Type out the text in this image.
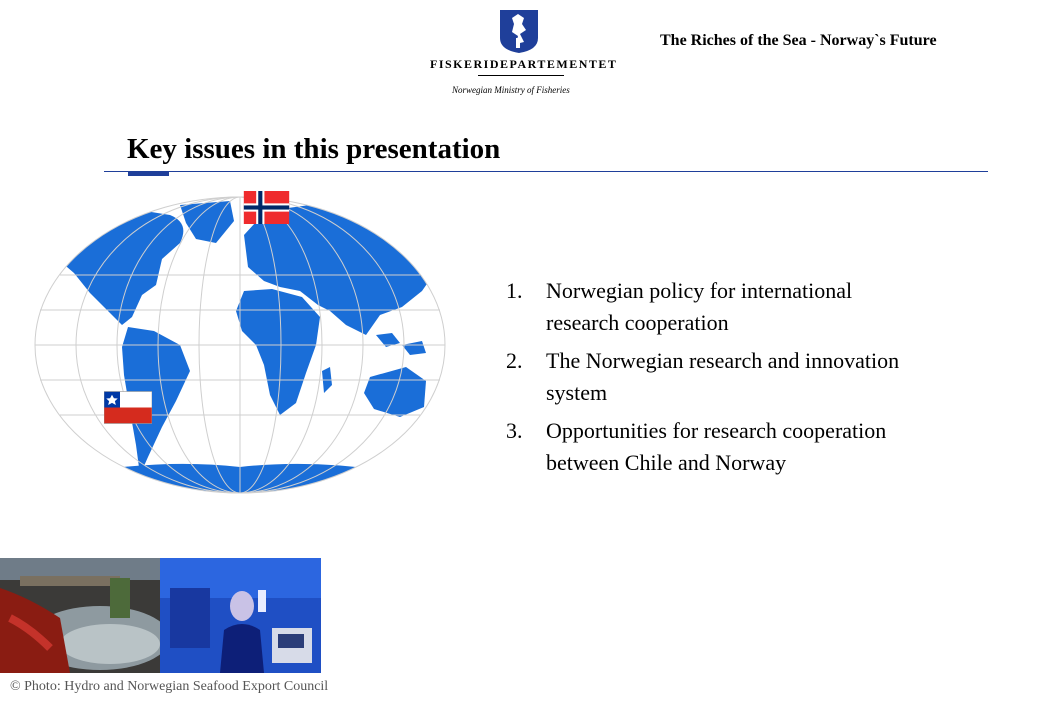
The Riches of the Sea - Norway`s Future
FISKERIDEPARTEMENTET
Norwegian Ministry of Fisheries
Key issues in this presentation
1.	Norwegian policy for international
research cooperation
2.	The Norwegian research and innovation
system
3.	Opportunities for research cooperation
between Chile and Norway
© Photo: Hydro and Norwegian Seafood Export Council
